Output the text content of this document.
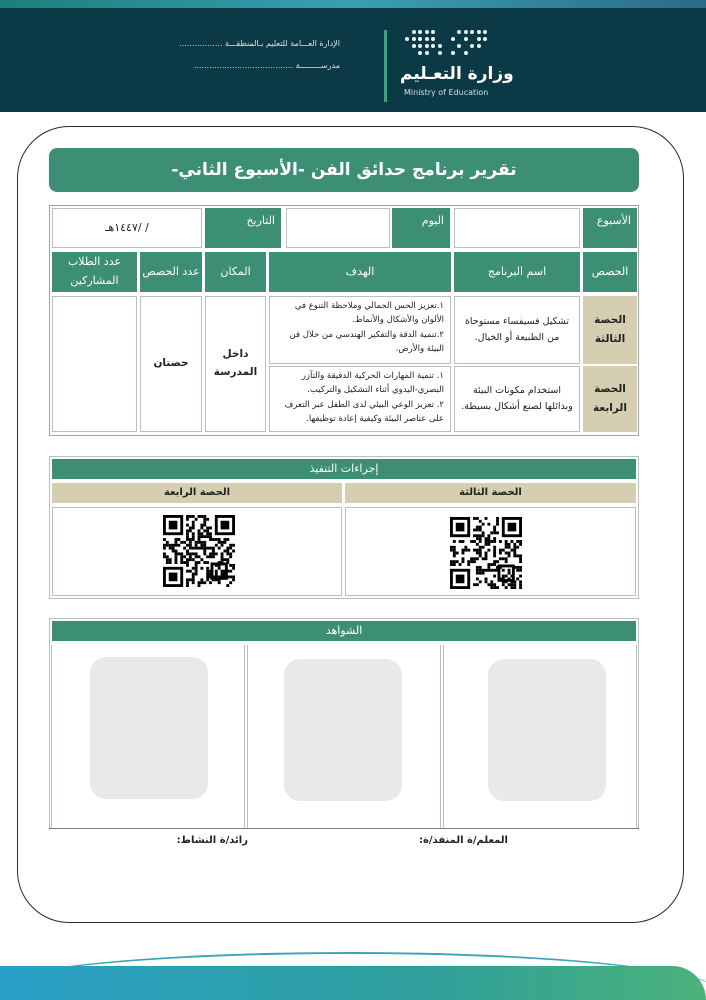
الإدارة العـــامة للتعليم بـالمنطقـــة .................
مدرســـــــــة .......................................	وزارة التعـليم
Ministry of Education
تقرير برنامج حدائق الفن -الأسبوع الثاني-
الأسبوع
اليوم
التاريخ
/ /١٤٤٧هـ
الحصص
اسم البرنامج
الهدف
المكان
عدد الحصص
عدد الطلاب المشاركين
الحصة الثالثة
تشكيل فسيفساء مستوحاة من الطبيعة أو الخيال.
١.تعزيز الحس الجمالي وملاحظة التنوع في الألوان والأشكال والأنماط.
٢.تنمية الدقة والتفكير الهندسي من خلال فن البيئة والأرض.
الحصة الرابعة
استخدام مكونات البيئة وبدائلها لصنع أشكال بسيطة.
١. تنمية المهارات الحركية الدقيقة والتآزر البصري-اليدوي أثناء التشكيل والتركيب.
٢. تعزيز الوعي البيئي لدى الطفل عبر التعرف على عناصر البيئة وكيفية إعادة توظيفها.
داخل المدرسة
حصتان
إجراءات التنفيذ
الحصة الثالثة
الحصة الرابعة
الشواهد
المعلم/ة المنفذ/ة:
رائد/ة النشاط:
